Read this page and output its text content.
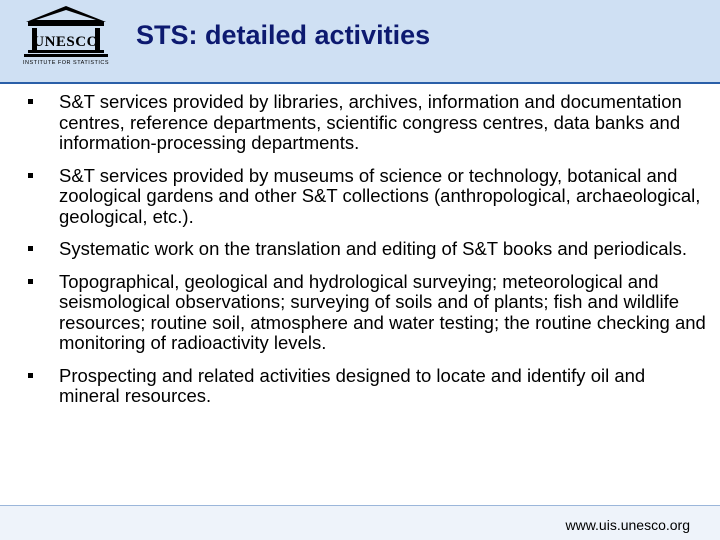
UNESCO
INSTITUTE FOR STATISTICS
STS: detailed activities
S&T services provided by libraries, archives, information and documentation centres, reference departments, scientific congress centres, data banks and information-processing departments.
S&T services provided by museums of science or technology, botanical and zoological gardens and other S&T collections (anthropological, archaeological, geological, etc.).
Systematic work on the translation and editing of S&T books and periodicals.
Topographical, geological and hydrological surveying; meteorological and seismological observations; surveying of soils and of plants; fish and wildlife resources; routine soil, atmosphere and water testing; the routine checking and monitoring of radioactivity levels.
Prospecting and related activities designed to locate and identify oil and mineral resources.
www.uis.unesco.org
